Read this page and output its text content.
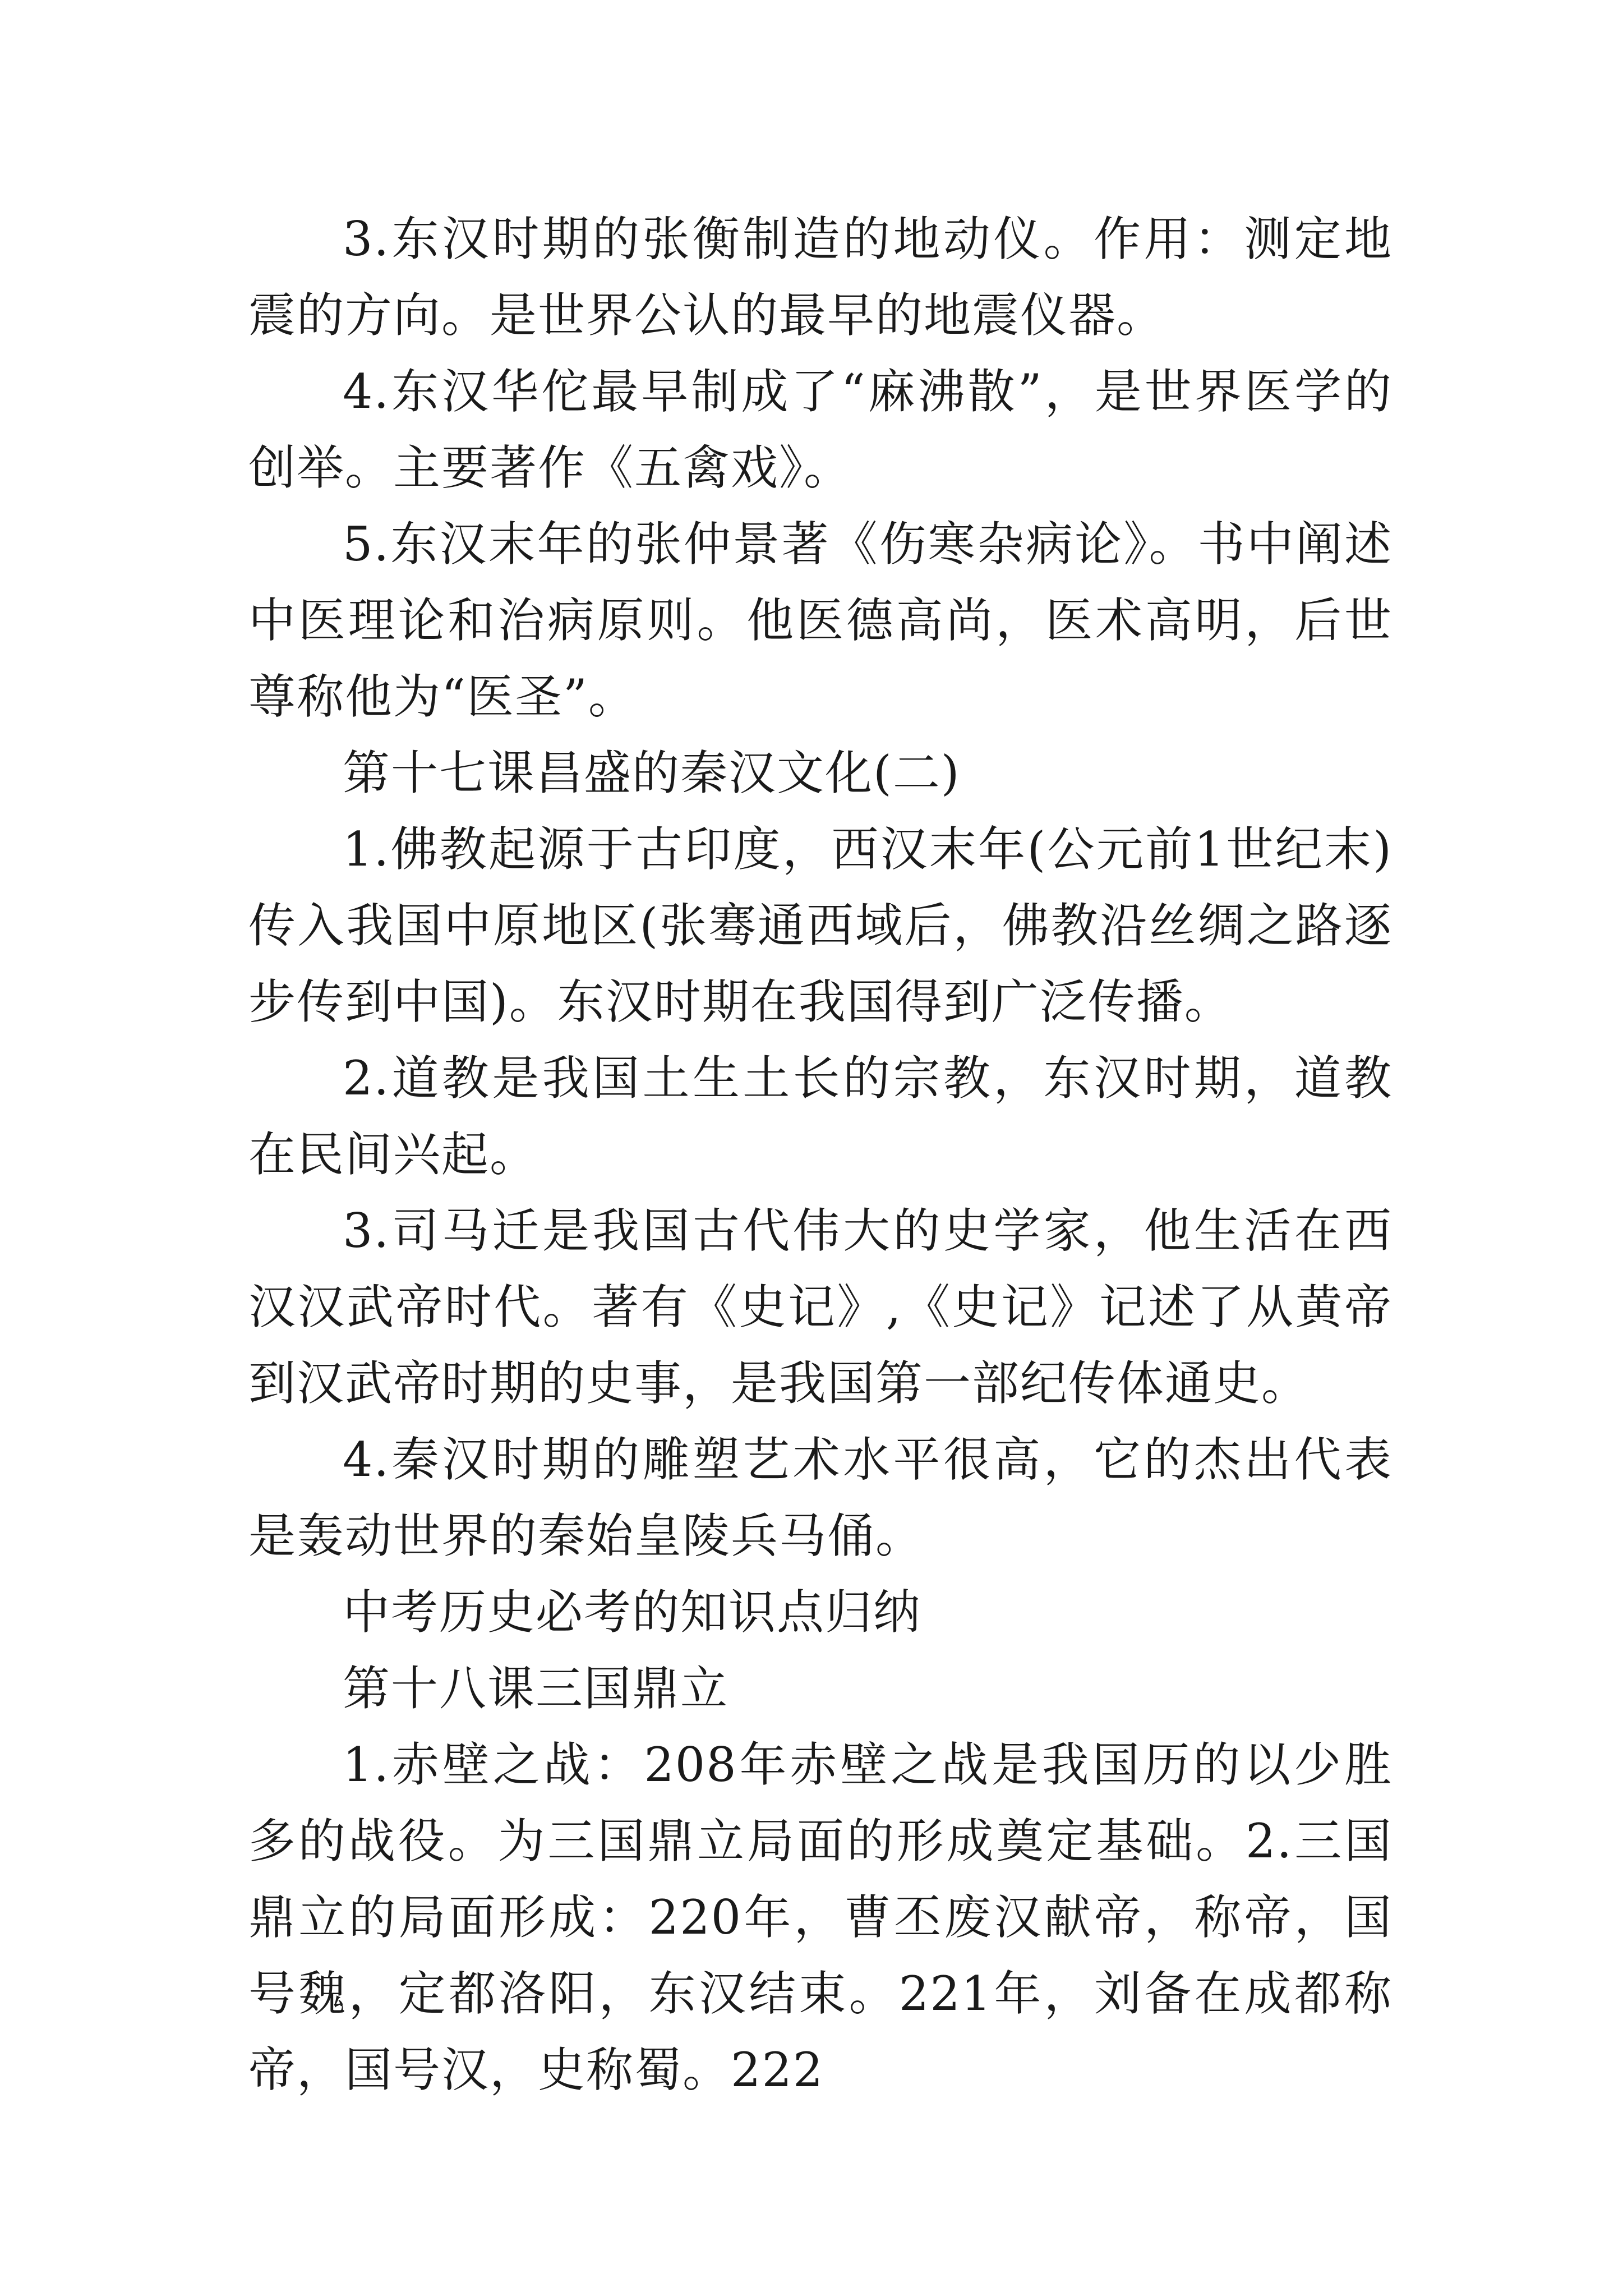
3.东汉时期的张衡制造的地动仪。作用：测定地震的方向。是世界公认的最早的地震仪器。

4.东汉华佗最早制成了“麻沸散”，是世界医学的创举。主要著作《五禽戏》。

5.东汉末年的张仲景著《伤寒杂病论》。书中阐述中医理论和治病原则。他医德高尚，医术高明，后世尊称他为“医圣”。

第十七课昌盛的秦汉文化(二)

1.佛教起源于古印度，西汉末年(公元前1世纪末)传入我国中原地区(张骞通西域后，佛教沿丝绸之路逐步传到中国)。东汉时期在我国得到广泛传播。

2.道教是我国土生土长的宗教，东汉时期，道教在民间兴起。

3.司马迁是我国古代伟大的史学家，他生活在西汉汉武帝时代。著有《史记》,《史记》记述了从黄帝到汉武帝时期的史事，是我国第一部纪传体通史。

4.秦汉时期的雕塑艺术水平很高，它的杰出代表是轰动世界的秦始皇陵兵马俑。

中考历史必考的知识点归纳

第十八课三国鼎立

1.赤壁之战：208年赤壁之战是我国历的以少胜多的战役。为三国鼎立局面的形成奠定基础。2.三国鼎立的局面形成：220年，曹丕废汉献帝，称帝，国号魏，定都洛阳，东汉结束。221年，刘备在成都称帝，国号汉，史称蜀。222
